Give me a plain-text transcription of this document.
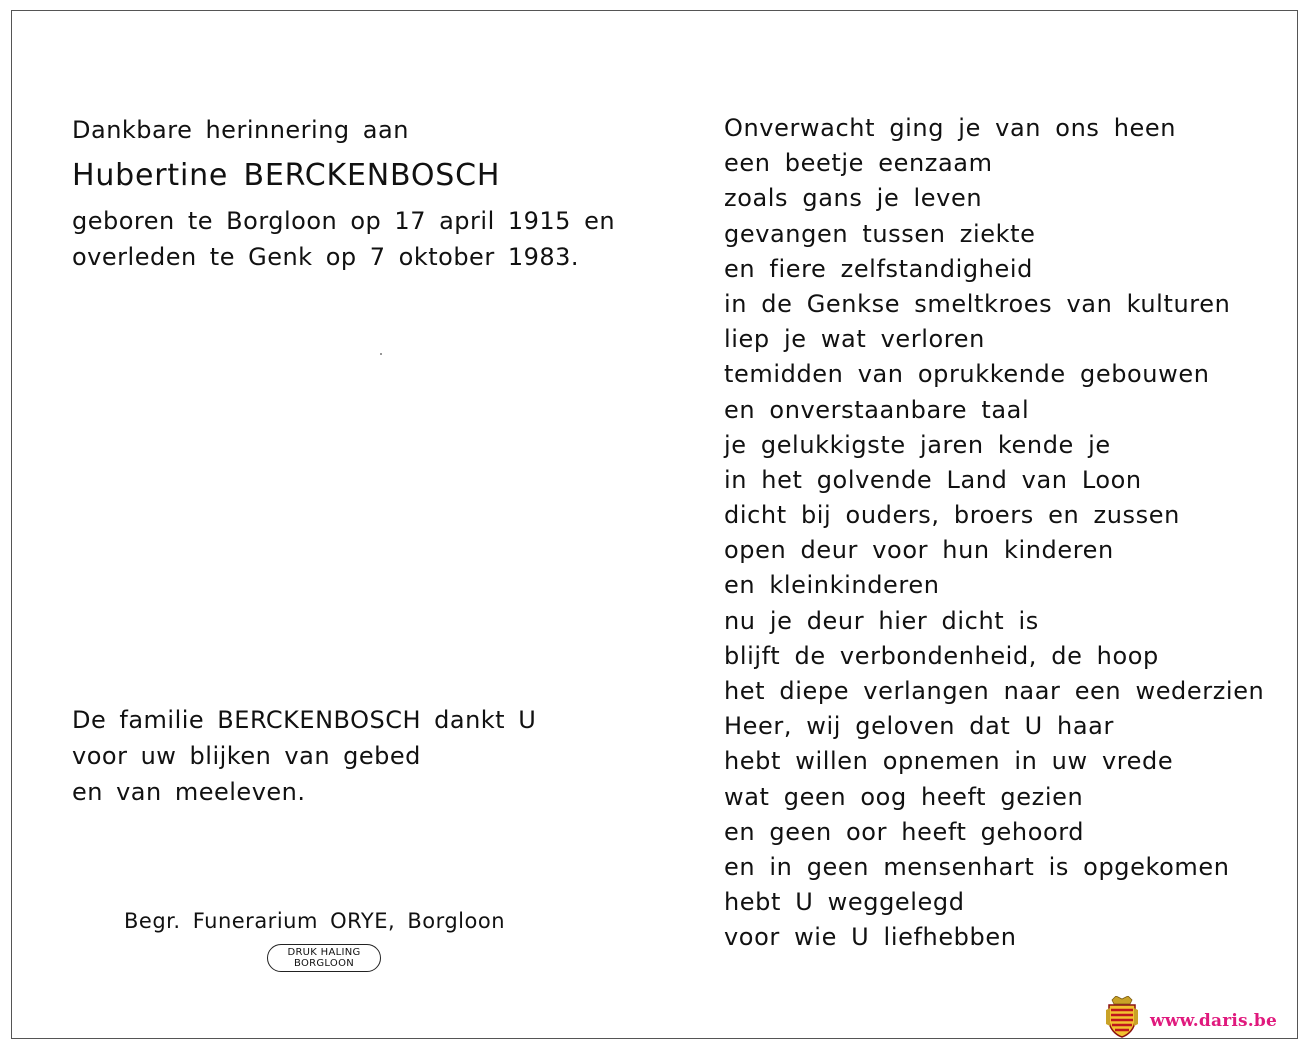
Dankbare herinnering aan
Hubertine BERCKENBOSCH
geboren te Borgloon op 17 april 1915 en
overleden te Genk op 7 oktober 1983.
De familie BERCKENBOSCH dankt U
voor uw blijken van gebed
en van meeleven.
Begr. Funerarium ORYE, Borgloon
DRUK HALING
BORGLOON
Onverwacht ging je van ons heen
een beetje eenzaam
zoals gans je leven
gevangen tussen ziekte
en fiere zelfstandigheid
in de Genkse smeltkroes van kulturen
liep je wat verloren
temidden van oprukkende gebouwen
en onverstaanbare taal
je gelukkigste jaren kende je
in het golvende Land van Loon
dicht bij ouders, broers en zussen
open deur voor hun kinderen
en kleinkinderen
nu je deur hier dicht is
blijft de verbondenheid, de hoop
het diepe verlangen naar een wederzien
Heer, wij geloven dat U haar
hebt willen opnemen in uw vrede
wat geen oog heeft gezien
en geen oor heeft gehoord
en in geen mensenhart is opgekomen
hebt U weggelegd
voor wie U liefhebben
www.daris.be
